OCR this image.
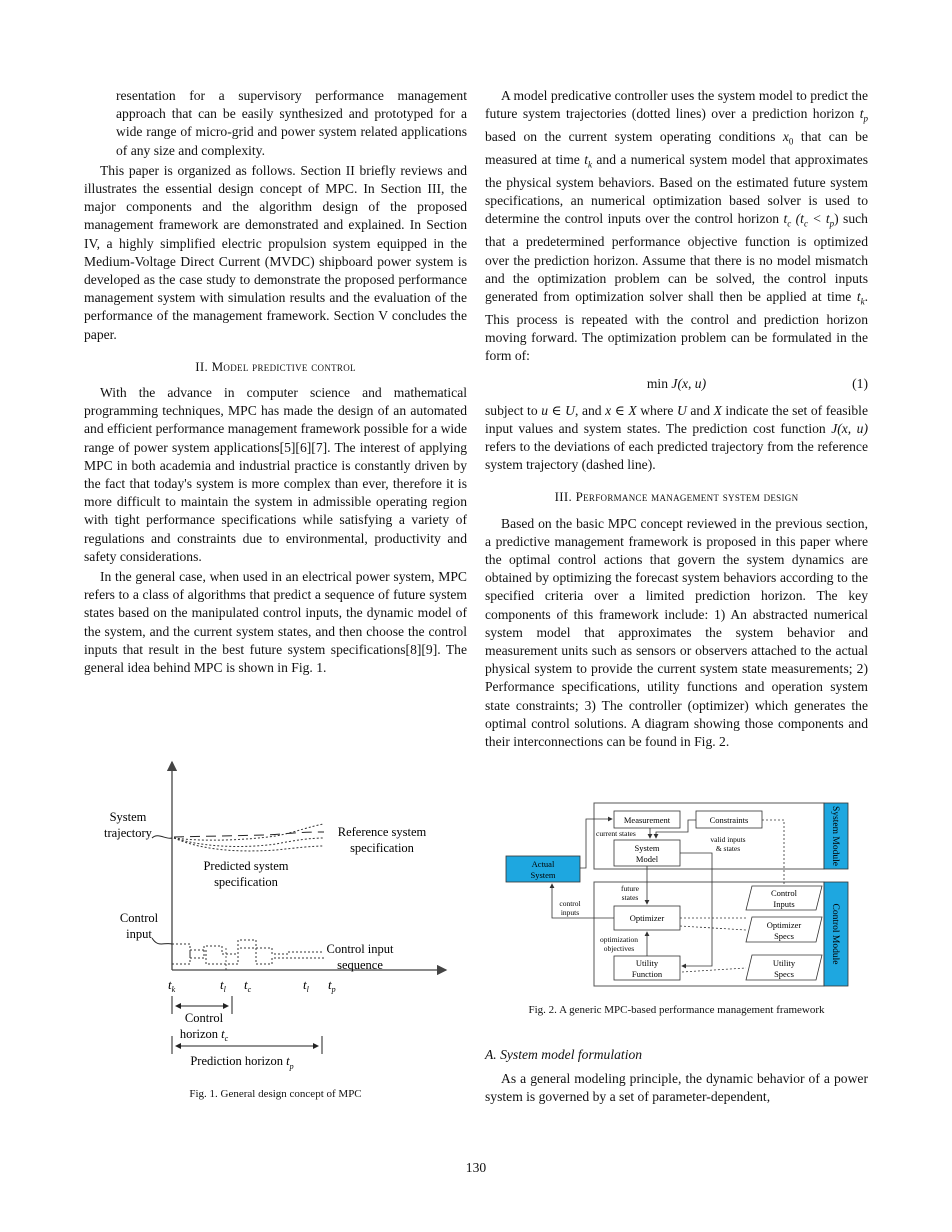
resentation for a supervisory performance management approach that can be easily synthesized and prototyped for a wide range of micro-grid and power system related applications of any size and complexity.

This paper is organized as follows. Section II briefly reviews and illustrates the essential design concept of MPC. In Section III, the major components and the algorithm design of the proposed management framework are demonstrated and explained. In Section IV, a highly simplified electric propulsion system equipped in the Medium-Voltage Direct Current (MVDC) shipboard power system is developed as the case study to demonstrate the proposed performance management system with simulation results and the evaluation of the performance of the management framework. Section V concludes the paper.

II. Model predictive control

With the advance in computer science and mathematical programming techniques, MPC has made the design of an automated and efficient performance management framework possible for a wide range of power system applications[5][6][7]. The interest of applying MPC in both academia and industrial practice is constantly driven by the fact that today's system is more complex than ever, therefore it is more difficult to maintain the system in admissible operating region with tight performance specifications while satisfying a variety of regulations and constraints due to environmental, productivity and safety considerations.

In the general case, when used in an electrical power system, MPC refers to a class of algorithms that predict a sequence of future system states based on the manipulated control inputs, the dynamic model of the system, and the current system states, and then choose the control inputs that result in the best future system specifications[8][9]. The general idea behind MPC is shown in Fig. 1.

System
trajectory	Reference system
specification
Predicted system
specification
Control
input
Control input
sequence
$t_k$	$t_l$ $t_c$	$t_l$ $t_p$
Control
horizon $t_c$
Prediction horizon $t_p$
Fig. 1. General design concept of MPC

A model predicative controller uses the system model to predict the future system trajectories (dotted lines) over a prediction horizon $t_p$ based on the current system operating conditions $x_0$ that can be measured at time $t_k$ and a numerical system model that approximates the physical system behaviors. Based on the estimated future system specifications, an numerical optimization based solver is used to determine the control inputs over the control horizon $t_c$ $(t_c < t_p)$ such that a predetermined performance objective function is optimized over the prediction horizon. Assume that there is no model mismatch and the optimization problem can be solved, the control inputs generated from optimization solver shall then be applied at time $t_k$. This process is repeated with the control and prediction horizon moving forward. The optimization problem can be formulated in the form of:

min J(x, u)	(1)

subject to u ∈ U, and x ∈ X where U and X indicate the set of feasible input values and system states. The prediction cost function J(x, u) refers to the deviations of each predicted trajectory from the reference system trajectory (dashed line).

III. Performance management system design

Based on the basic MPC concept reviewed in the previous section, a predictive management framework is proposed in this paper where the optimal control actions that govern the system dynamics are obtained by optimizing the forecast system behaviors according to the specified criteria over a limited prediction horizon. The key components of this framework include: 1) An abstracted numerical system model that approximates the system behavior and measurement units such as sensors or observers attached to the actual physical system to provide the current system state measurements; 2) Performance specifications, utility functions and operation system state constraints; 3) The controller (optimizer) which generates the optimal control solutions. A diagram showing those components and their interconnections can be found in Fig. 2.

System Module
Control Module
Actual
System
Measurement	Constraints
System
Model
Optimizer
Utility
Function
Control
Inputs
Optimizer
Specs
Utility
Specs
current states
valid inputs
& states
future
states
control
inputs
optimization
objectives
Fig. 2. A generic MPC-based performance management framework

A. System model formulation

As a general modeling principle, the dynamic behavior of a power system is governed by a set of parameter-dependent,

130
